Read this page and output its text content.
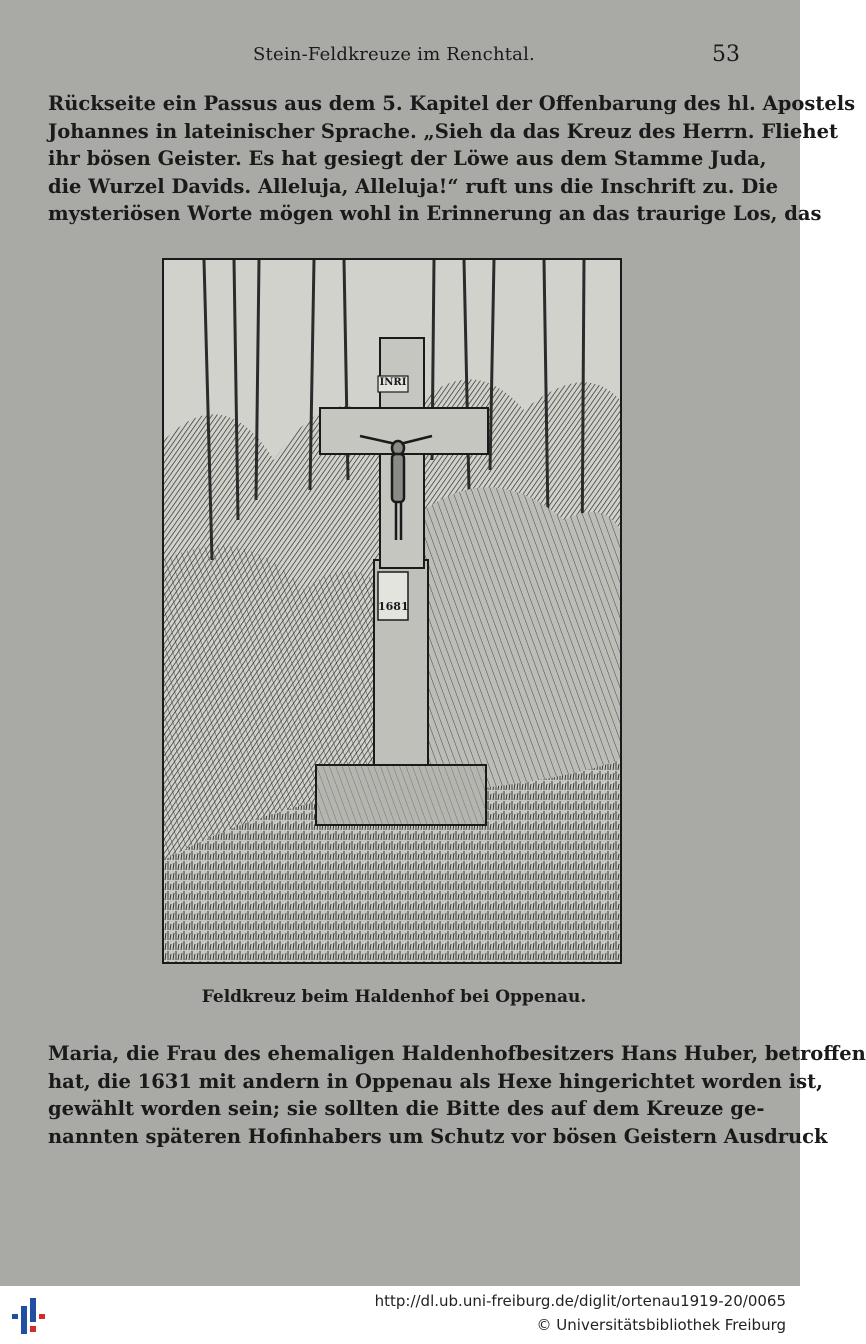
Stein-Feldkreuze im Renchtal.	53
Rückseite ein Passus aus dem 5. Kapitel der Offenbarung des hl. Apostels
Johannes in lateinischer Sprache. „Sieh da das Kreuz des Herrn. Fliehet
ihr bösen Geister. Es hat gesiegt der Löwe aus dem Stamme Juda,
die Wurzel Davids. Alleluja, Alleluja!“ ruft uns die Inschrift zu. Die
mysteriösen Worte mögen wohl in Erinnerung an das traurige Los, das
INRI
1681
Feldkreuz beim Haldenhof bei Oppenau.
Maria, die Frau des ehemaligen Haldenhofbesitzers Hans Huber, betroffen
hat, die 1631 mit andern in Oppenau als Hexe hingerichtet worden ist,
gewählt worden sein; sie sollten die Bitte des auf dem Kreuze ge-
nannten späteren Hofinhabers um Schutz vor bösen Geistern Ausdruck
http://dl.ub.uni-freiburg.de/diglit/ortenau1919-20/0065
© Universitätsbibliothek Freiburg
